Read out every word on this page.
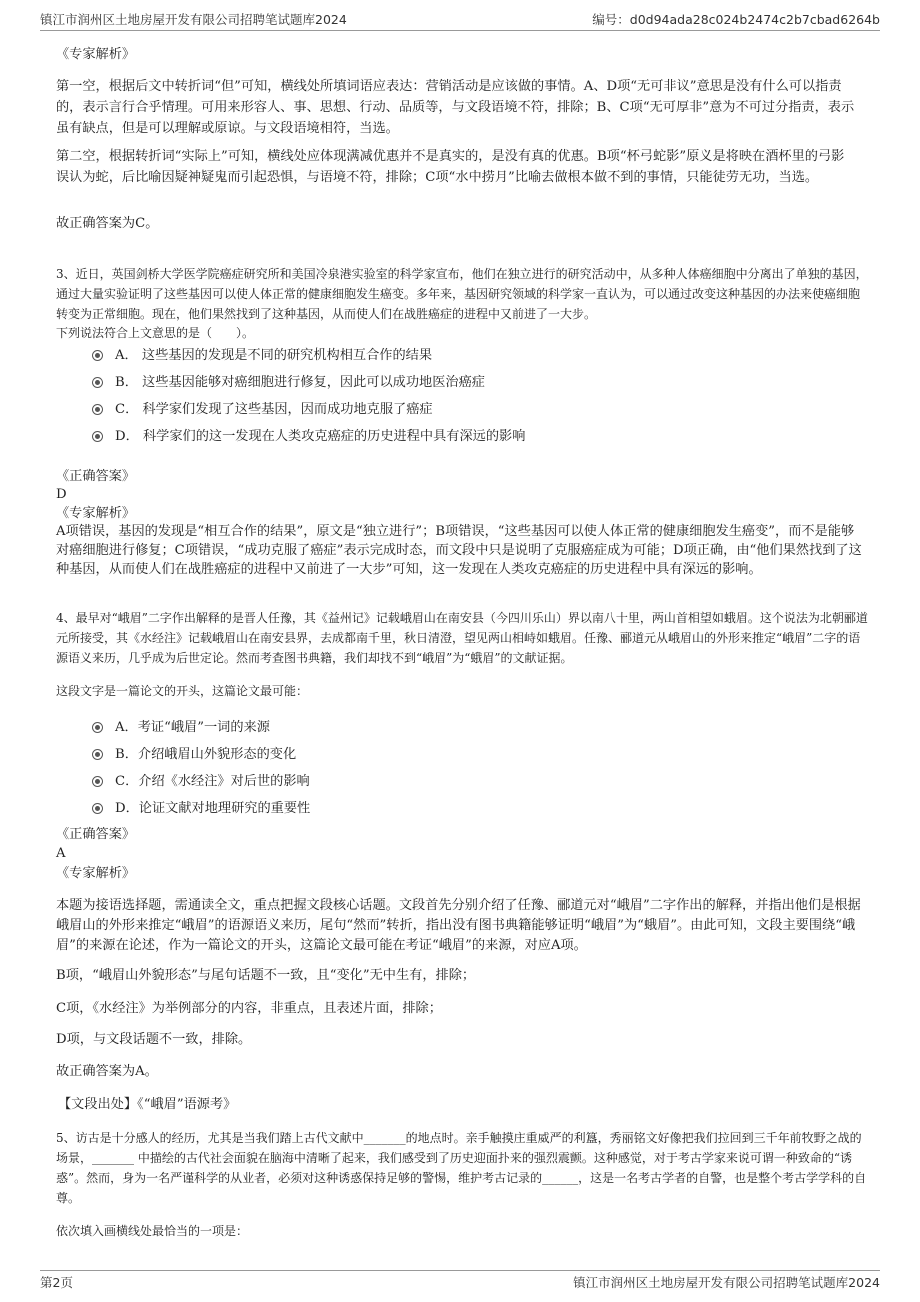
镇江市润州区土地房屋开发有限公司招聘笔试题库2024	编号：d0d94ada28c024b2474c2b7cbad6264b
《专家解析》
第一空，根据后文中转折词“但”可知，横线处所填词语应表达：营销活动是应该做的事情。A、D项“无可非议”意思是没有什么可以指责的，表示言行合乎情理。可用来形容人、事、思想、行动、品质等，与文段语境不符，排除；B、C项“无可厚非”意为不可过分指责，表示虽有缺点，但是可以理解或原谅。与文段语境相符，当选。
第二空，根据转折词“实际上”可知，横线处应体现满减优惠并不是真实的，是没有真的优惠。B项“杯弓蛇影”原义是将映在酒杯里的弓影误认为蛇，后比喻因疑神疑鬼而引起恐惧，与语境不符，排除；C项“水中捞月”比喻去做根本做不到的事情，只能徒劳无功，当选。
故正确答案为C。
3、近日，英国剑桥大学医学院癌症研究所和美国冷泉港实验室的科学家宣布，他们在独立进行的研究活动中，从多种人体癌细胞中分离出了单独的基因，通过大量实验证明了这些基因可以使人体正常的健康细胞发生癌变。多年来，基因研究领域的科学家一直认为，可以通过改变这种基因的办法来使癌细胞转变为正常细胞。现在，他们果然找到了这种基因，从而使人们在战胜癌症的进程中又前进了一大步。
下列说法符合上文意思的是（　　）。
A． 这些基因的发现是不同的研究机构相互合作的结果
B． 这些基因能够对癌细胞进行修复，因此可以成功地医治癌症
C． 科学家们发现了这些基因，因而成功地克服了癌症
D． 科学家们的这一发现在人类攻克癌症的历史进程中具有深远的影响
《正确答案》
D
《专家解析》
A项错误，基因的发现是“相互合作的结果”，原文是“独立进行”；B项错误，“这些基因可以使人体正常的健康细胞发生癌变”，而不是能够对癌细胞进行修复；C项错误，“成功克服了癌症”表示完成时态，而文段中只是说明了克服癌症成为可能；D项正确，由“他们果然找到了这种基因，从而使人们在战胜癌症的进程中又前进了一大步”可知，这一发现在人类攻克癌症的历史进程中具有深远的影响。
4、最早对“峨眉”二字作出解释的是晋人任豫，其《益州记》记载峨眉山在南安县（今四川乐山）界以南八十里，两山首相望如蛾眉。这个说法为北朝郦道元所接受，其《水经注》记载峨眉山在南安县界，去成都南千里，秋日清澄，望见两山相峙如蛾眉。任豫、郦道元从峨眉山的外形来推定“峨眉”二字的语源语义来历，几乎成为后世定论。然而考查图书典籍，我们却找不到“峨眉”为“蛾眉”的文献证据。
这段文字是一篇论文的开头，这篇论文最可能：
A．考证“峨眉”一词的来源
B．介绍峨眉山外貌形态的变化
C．介绍《水经注》对后世的影响
D．论证文献对地理研究的重要性
《正确答案》
A
《专家解析》
本题为接语选择题，需通读全文，重点把握文段核心话题。文段首先分别介绍了任豫、郦道元对“峨眉”二字作出的解释，并指出他们是根据峨眉山的外形来推定“峨眉”的语源语义来历，尾句“然而”转折，指出没有图书典籍能够证明“峨眉”为“蛾眉”。由此可知，文段主要围绕“峨眉”的来源在论述，作为一篇论文的开头，这篇论文最可能在考证“峨眉”的来源，对应A项。
B项，“峨眉山外貌形态”与尾句话题不一致，且“变化”无中生有，排除；
C项，《水经注》为举例部分的内容，非重点，且表述片面，排除；
D项，与文段话题不一致，排除。
故正确答案为A。
【文段出处】《“峨眉”语源考》
5、访古是十分感人的经历，尤其是当我们踏上古代文献中_______的地点时。亲手触摸庄重威严的利簋，秀丽铭文好像把我们拉回到三千年前牧野之战的场景，_______ 中描绘的古代社会面貌在脑海中清晰了起来，我们感受到了历史迎面扑来的强烈震颤。这种感觉，对于考古学家来说可谓一种致命的“诱惑”。然而，身为一名严谨科学的从业者，必须对这种诱惑保持足够的警惕，维护考古记录的______，这是一名考古学者的自警，也是整个考古学学科的自尊。
依次填入画横线处最恰当的一项是：
第2页	镇江市润州区土地房屋开发有限公司招聘笔试题库2024
